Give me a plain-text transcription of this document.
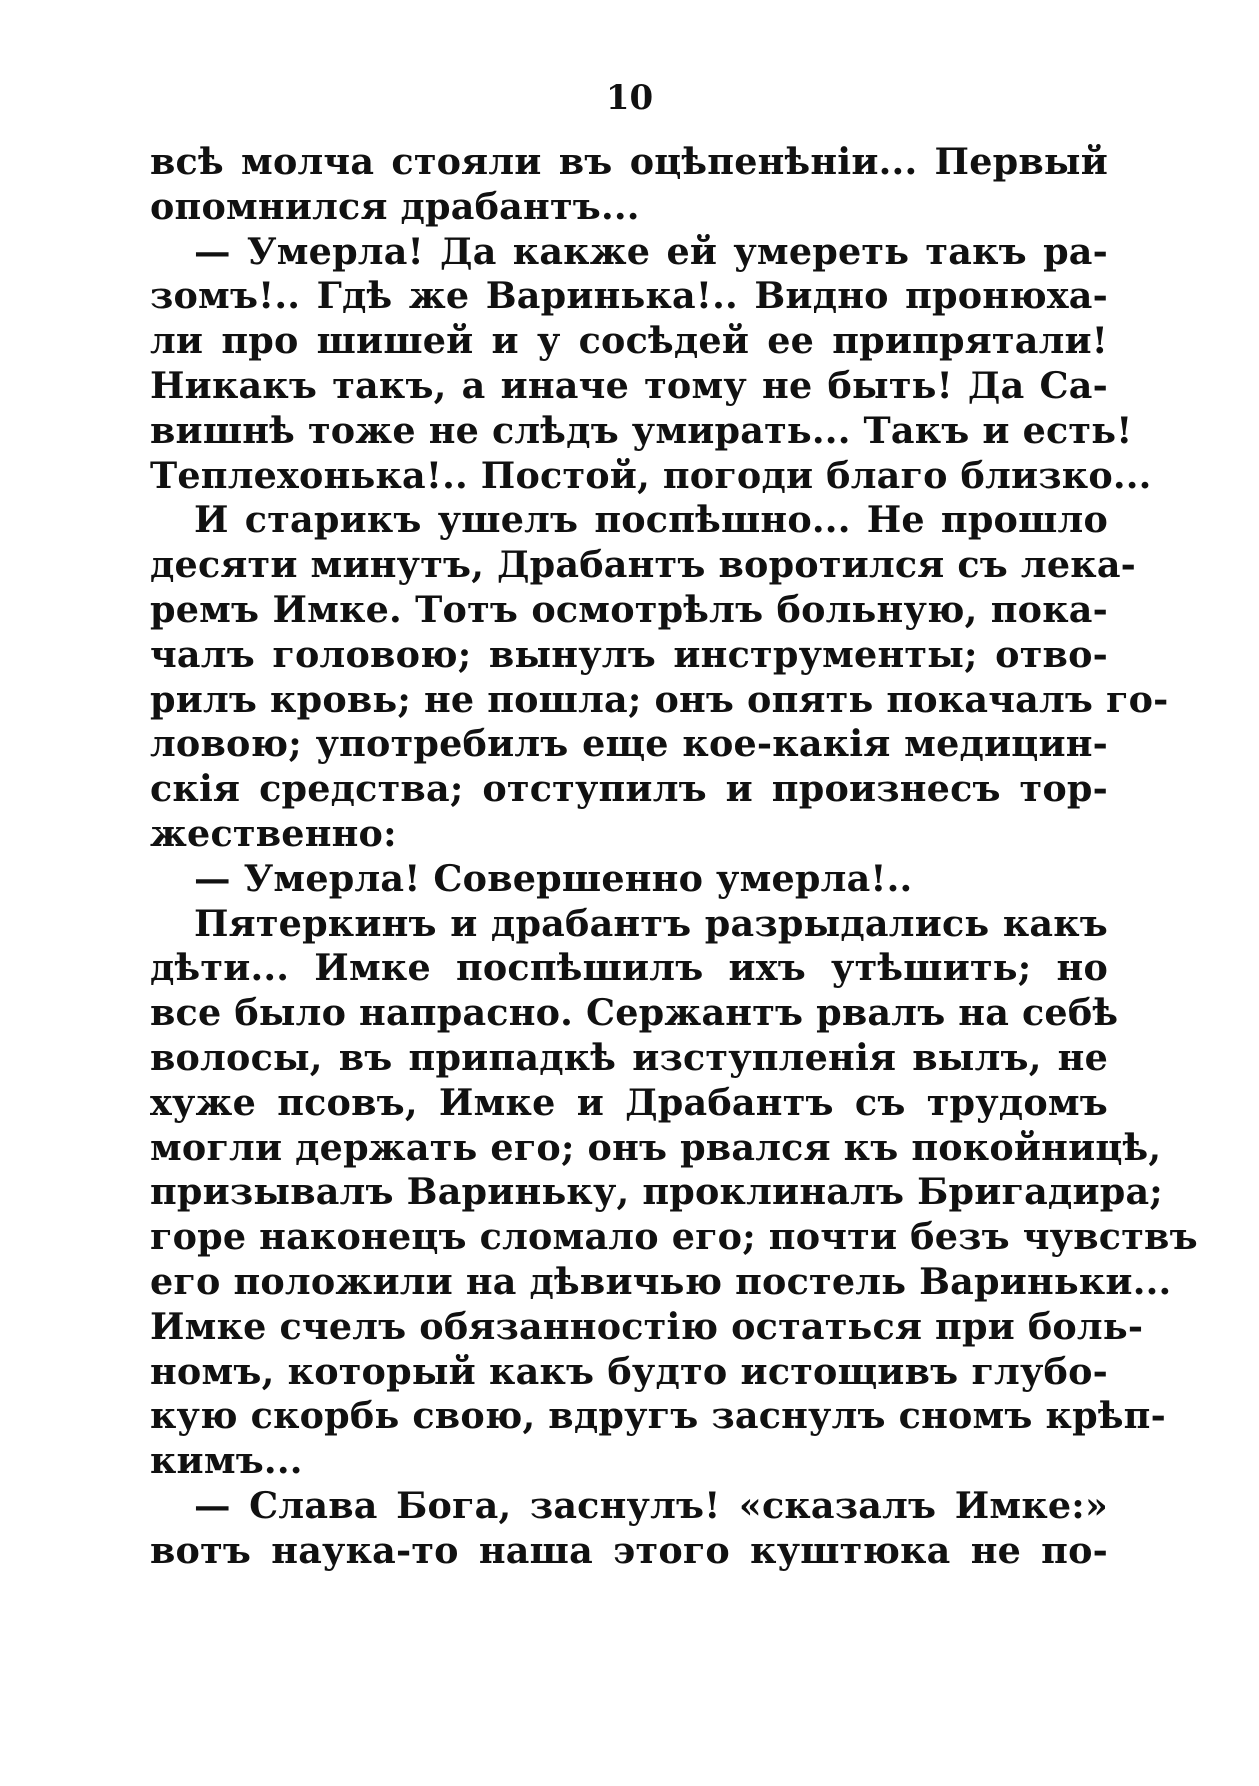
10
всѣ молча стояли въ оцѣпенѣніи... Первый
опомнился драбантъ...
— Умерла! Да какже ей умереть такъ ра-
зомъ!.. Гдѣ же Варинька!.. Видно пронюха-
ли про шишей и у сосѣдей ее припрятали!
Никакъ такъ, а иначе тому не быть! Да Са-
вишнѣ тоже не слѣдъ умирать... Такъ и есть!
Теплехонька!.. Постой, погоди благо близко...
И старикъ ушелъ поспѣшно... Не прошло
десяти минутъ, Драбантъ воротился съ лека-
ремъ Имке. Тотъ осмотрѣлъ больную, пока-
чалъ головою; вынулъ инструменты; отво-
рилъ кровь; не пошла; онъ опять покачалъ го-
ловою; употребилъ еще кое-какія медицин-
скія средства; отступилъ и произнесъ тор-
жественно:
— Умерла! Совершенно умерла!..
Пятеркинъ и драбантъ разрыдались какъ
дѣти... Имке поспѣшилъ ихъ утѣшить; но
все было напрасно. Сержантъ рвалъ на себѣ
волосы, въ припадкѣ изступленія вылъ, не
хуже псовъ, Имке и Драбантъ съ трудомъ
могли держать его; онъ рвался къ покойницѣ,
призывалъ Вариньку, проклиналъ Бригадира;
горе наконецъ сломало его; почти безъ чувствъ
его положили на дѣвичью постель Вариньки...
Имке счелъ обязанностію остаться при боль-
номъ, который какъ будто истощивъ глубо-
кую скорбь свою, вдругъ заснулъ сномъ крѣп-
кимъ...
— Слава Бога, заснулъ! «сказалъ Имке:»
вотъ наука-то наша этого куштюка не по-
